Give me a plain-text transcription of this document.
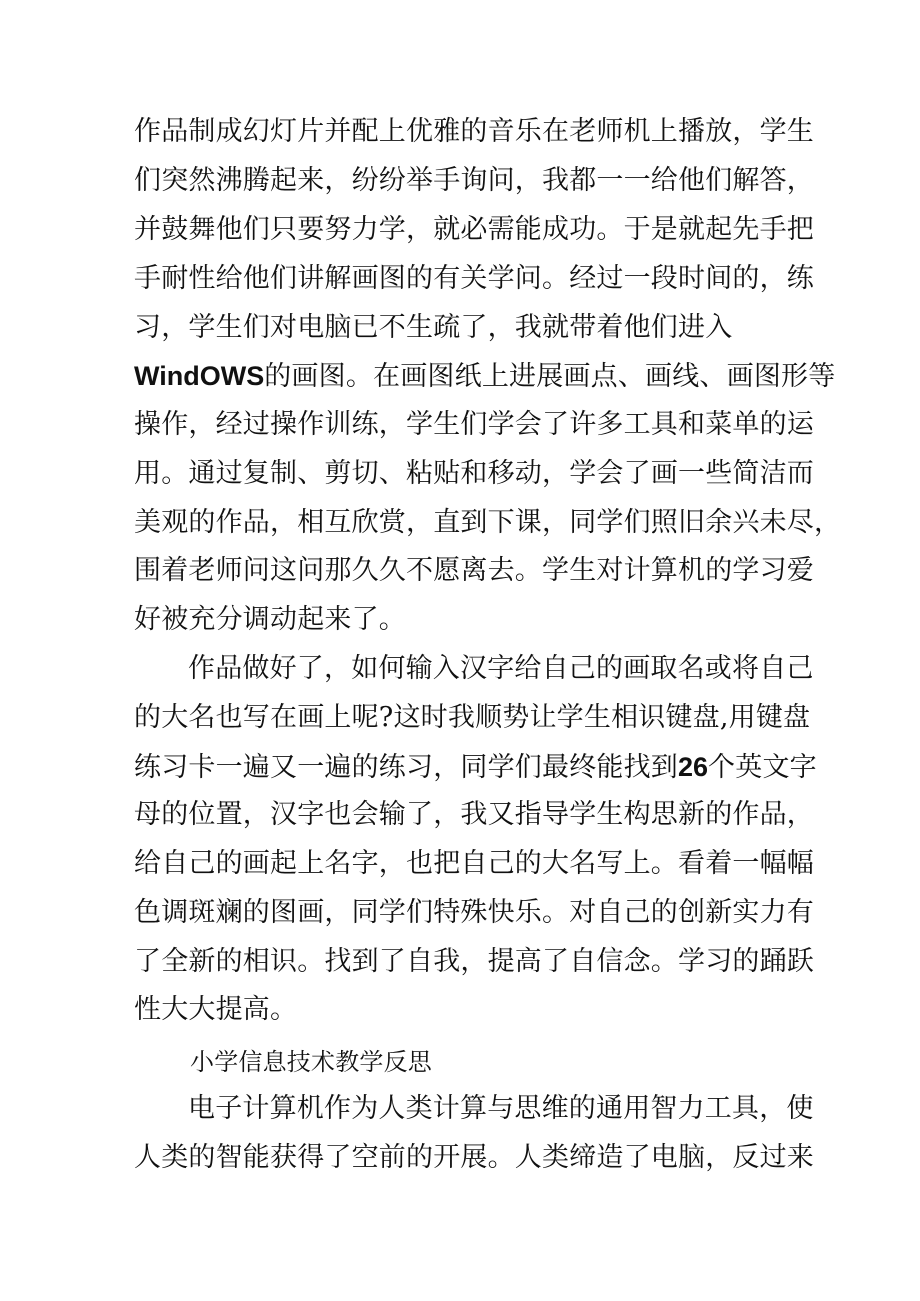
作品制成幻灯片并配上优雅的音乐在老师机上播放，学生
们突然沸腾起来，纷纷举手询问，我都一一给他们解答，
并鼓舞他们只要努力学，就必需能成功。于是就起先手把
手耐性给他们讲解画图的有关学问。经过一段时间的，练
习，学生们对电脑已不生疏了，我就带着他们进入
WindOWS的画图。在画图纸上进展画点、画线、画图形等
操作，经过操作训练，学生们学会了许多工具和菜单的运
用。通过复制、剪切、粘贴和移动，学会了画一些简洁而
美观的作品，相互欣赏，直到下课，同学们照旧余兴未尽，
围着老师问这问那久久不愿离去。学生对计算机的学习爱
好被充分调动起来了。
作品做好了，如何输入汉字给自己的画取名或将自己
的大名也写在画上呢?这时我顺势让学生相识键盘,用键盘
练习卡一遍又一遍的练习，同学们最终能找到26个英文字
母的位置，汉字也会输了，我又指导学生构思新的作品，
给自己的画起上名字，也把自己的大名写上。看着一幅幅
色调斑斓的图画，同学们特殊快乐。对自己的创新实力有
了全新的相识。找到了自我，提高了自信念。学习的踊跃
性大大提高。
小学信息技术教学反思
电子计算机作为人类计算与思维的通用智力工具，使
人类的智能获得了空前的开展。人类缔造了电脑，反过来
